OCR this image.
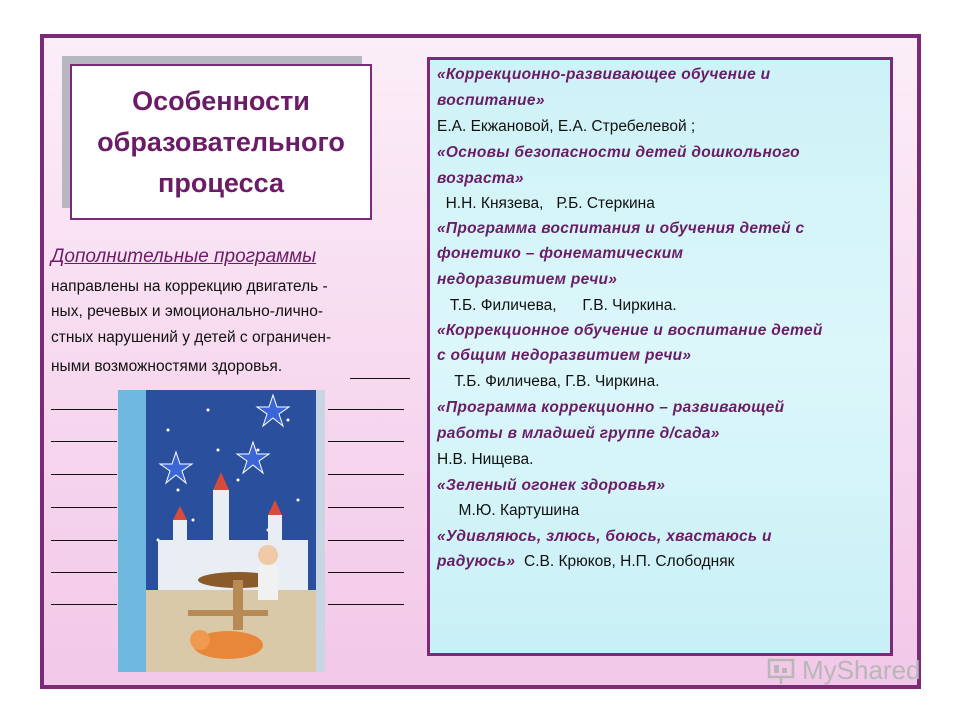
Особенности
образовательного
процесса
Дополнительные программы
направлены на коррекцию двигатель -
ных, речевых и эмоционально-лично-
стных нарушений у детей с ограничен-
ными возможностями здоровья.
«Коррекционно-развивающее обучение и
воспитание»
Е.А. Екжановой, Е.А. Стребелевой ;
«Основы безопасности детей дошкольного
возраста»
Н.Н. Князева,   Р.Б. Стеркина
«Программа воспитания и обучения детей с
фонетико – фонематическим
недоразвитием речи»
Т.Б. Филичева,      Г.В. Чиркина.
«Коррекционное обучение и воспитание детей
с общим недоразвитием речи»
Т.Б. Филичева, Г.В. Чиркина.
«Программа коррекционно – развивающей
работы в младшей группе д/сада»
Н.В. Нищева.
«Зеленый огонек здоровья»
М.Ю. Картушина
«Удивляюсь, злюсь, боюсь, хвастаюсь и
радуюсь» С.В. Крюков, Н.П. Слободняк
MyShared
